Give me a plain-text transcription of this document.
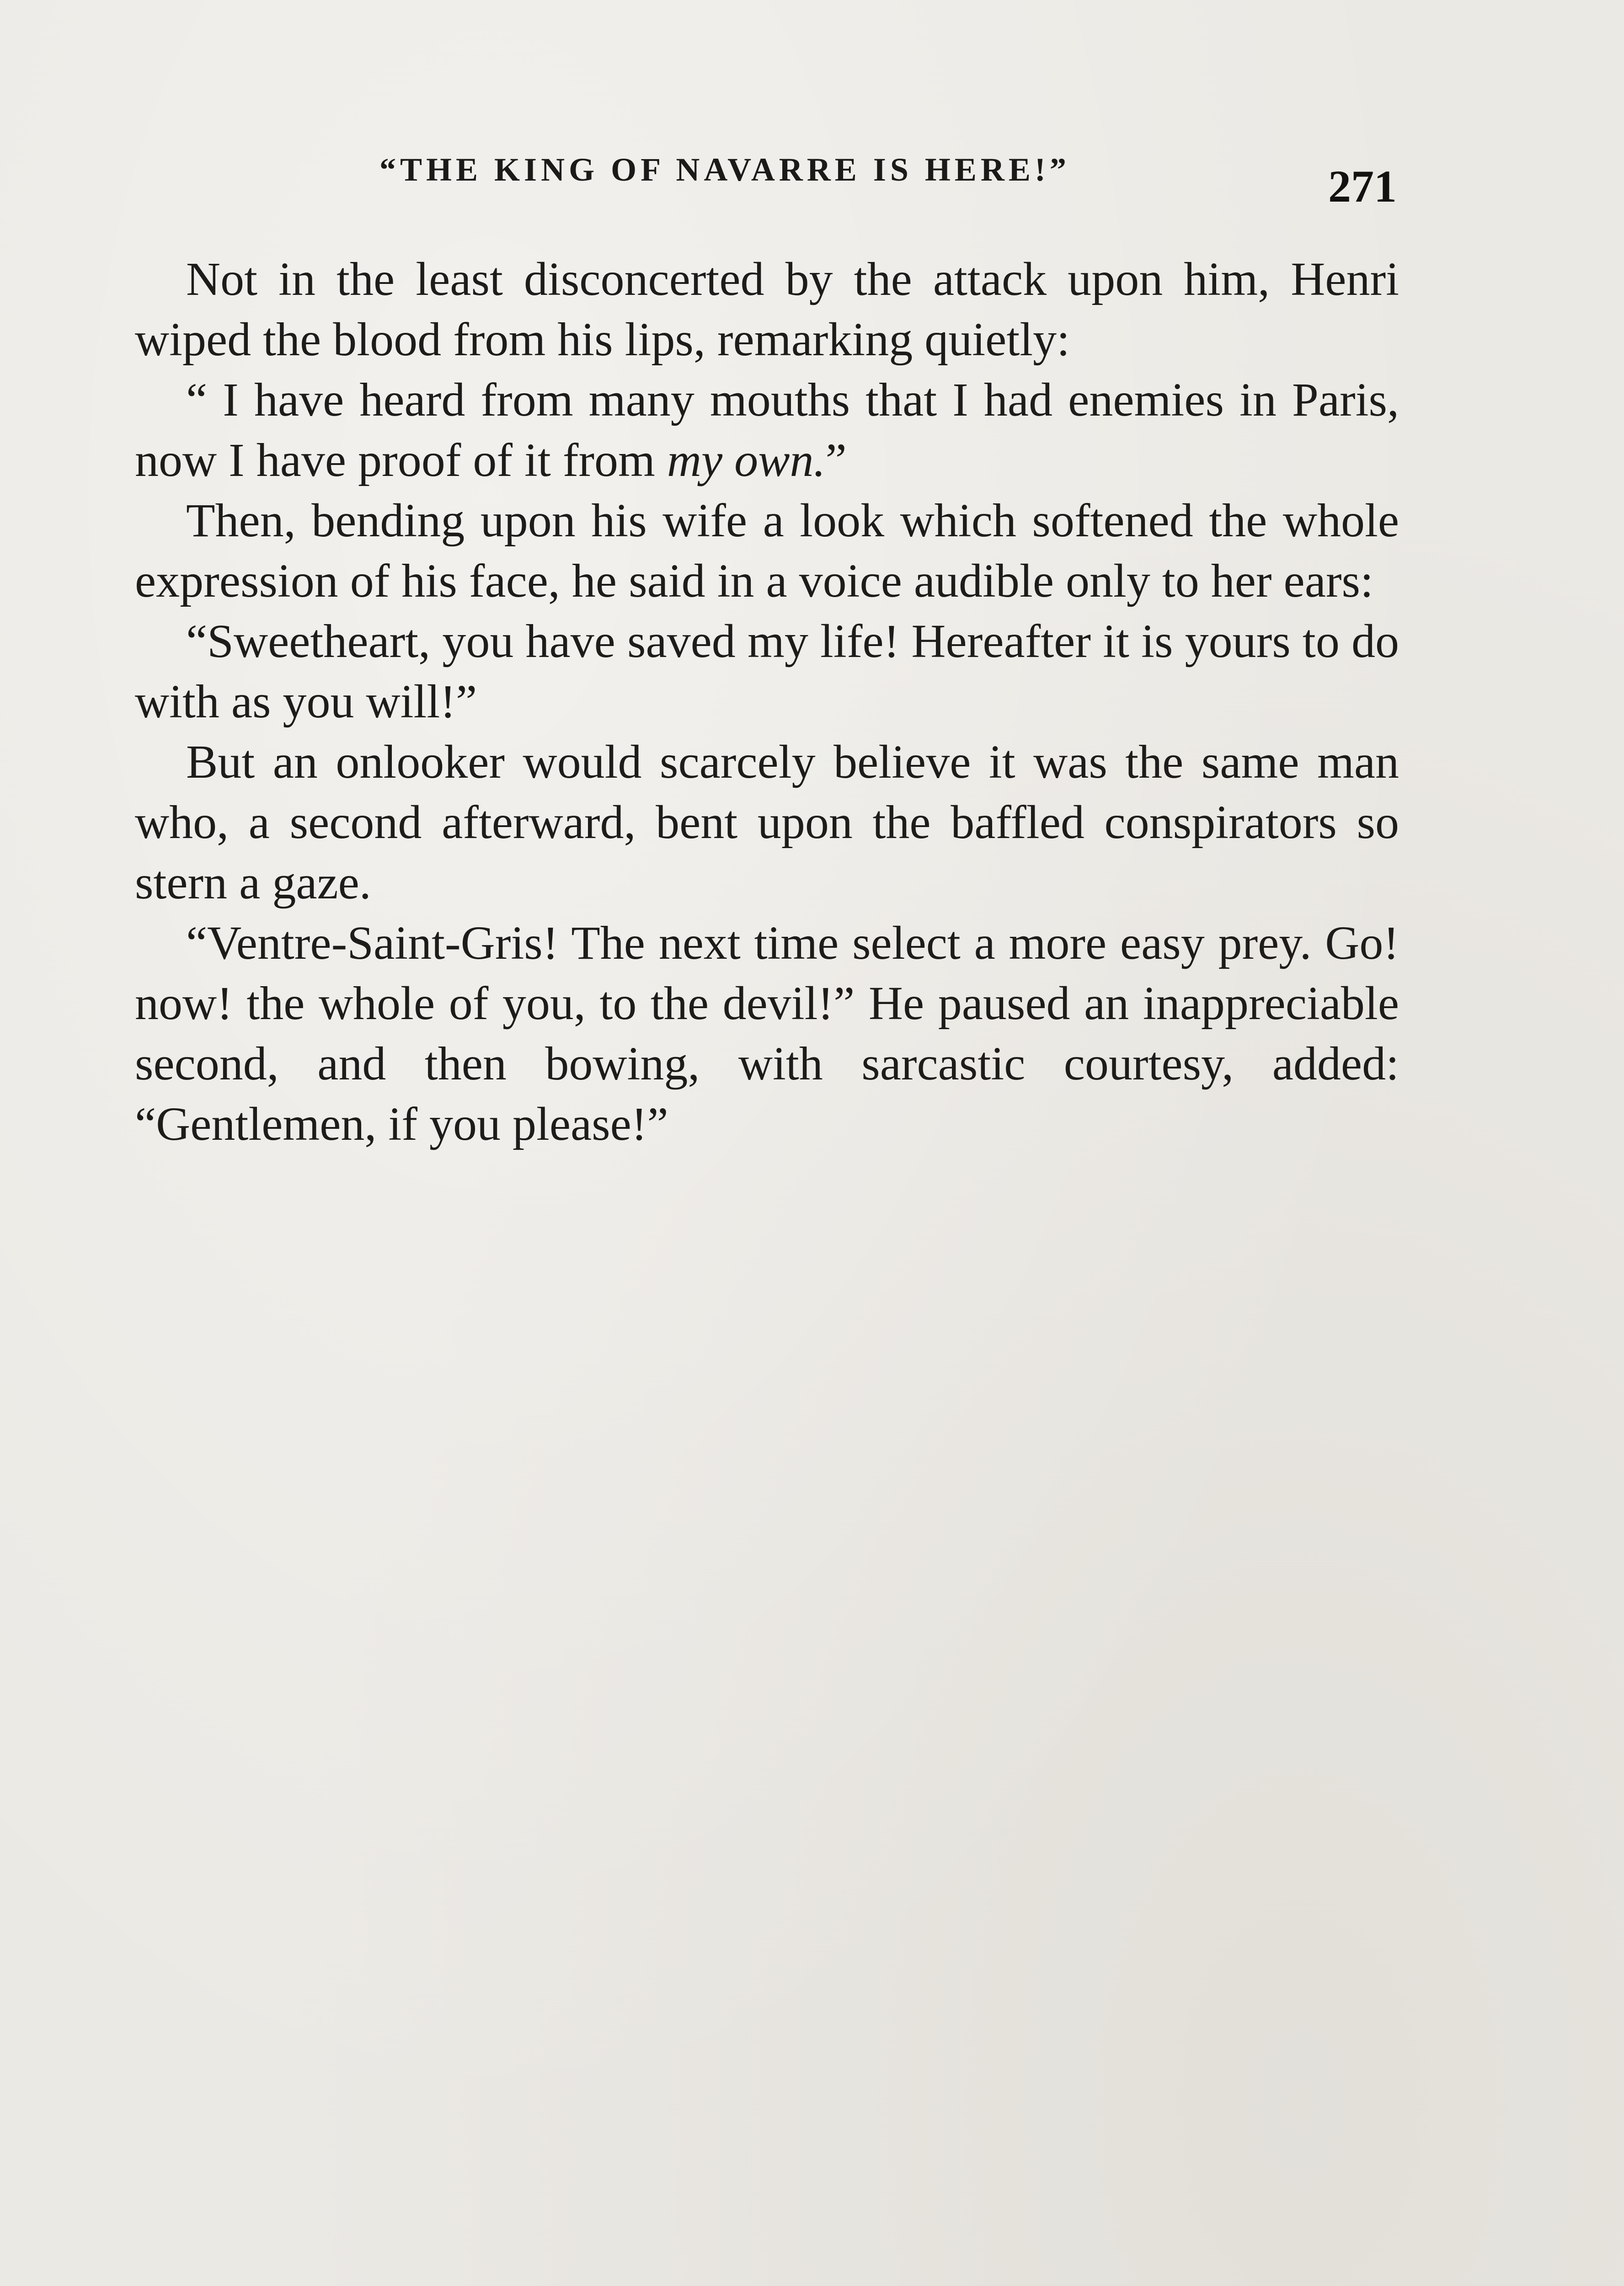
“THE KING OF NAVARRE IS HERE!”	271

Not in the least disconcerted by the attack upon him, Henri wiped the blood from his lips, remarking quietly:

“ I have heard from many mouths that I had enemies in Paris, now I have proof of it from my own.”

Then, bending upon his wife a look which softened the whole expression of his face, he said in a voice audible only to her ears:

“Sweetheart, you have saved my life! Hereafter it is yours to do with as you will!”

But an onlooker would scarcely believe it was the same man who, a second afterward, bent upon the baffled conspirators so stern a gaze.

“Ventre-Saint-Gris! The next time select a more easy prey. Go! now! the whole of you, to the devil!” He paused an inappreciable second, and then bowing, with sarcastic courtesy, added: “Gentlemen, if you please!”
